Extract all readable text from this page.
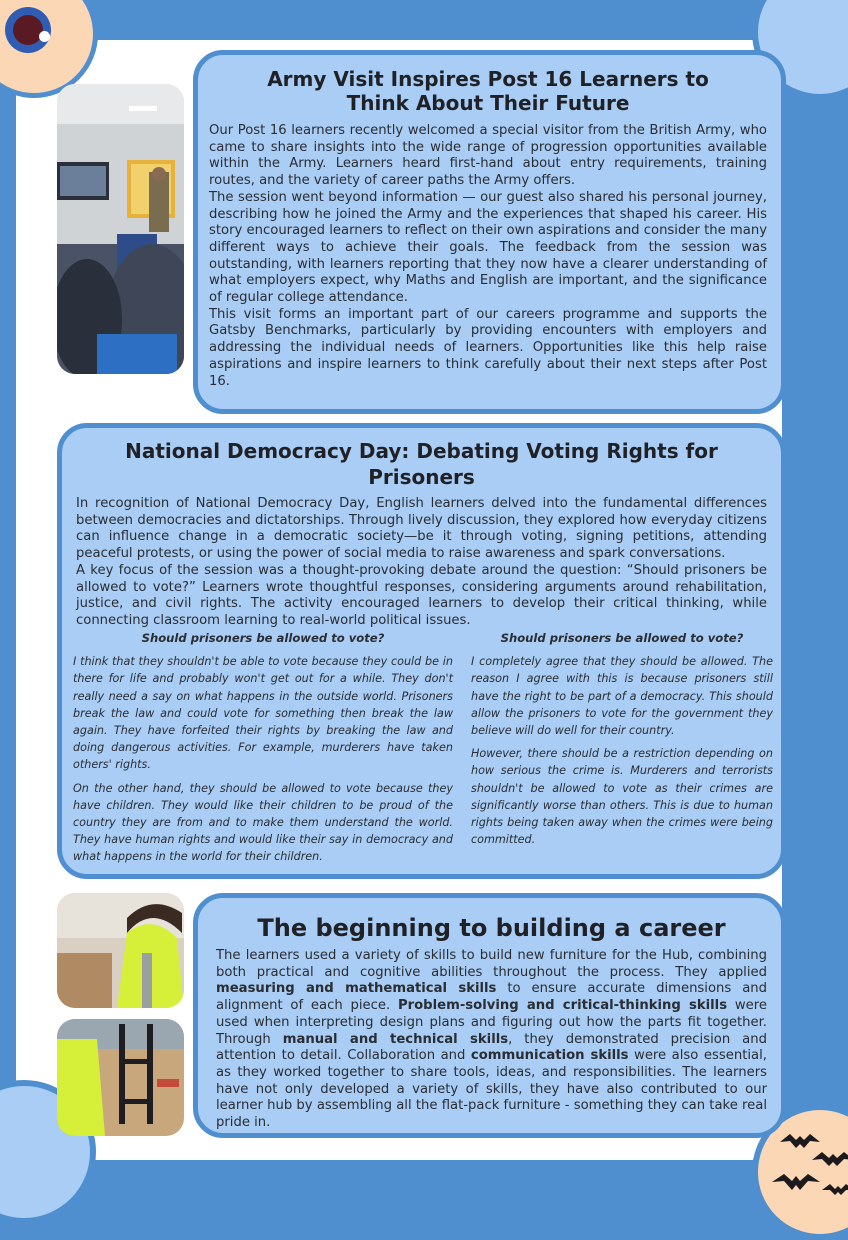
Army Visit Inspires Post 16 Learners to Think About Their Future

Our Post 16 learners recently welcomed a special visitor from the British Army, who came to share insights into the wide range of progression opportunities available within the Army. Learners heard first-hand about entry requirements, training routes, and the variety of career paths the Army offers.

The session went beyond information — our guest also shared his personal journey, describing how he joined the Army and the experiences that shaped his career. His story encouraged learners to reflect on their own aspirations and consider the many different ways to achieve their goals. The feedback from the session was outstanding, with learners reporting that they now have a clearer understanding of what employers expect, why Maths and English are important, and the significance of regular college attendance.

This visit forms an important part of our careers programme and supports the Gatsby Benchmarks, particularly by providing encounters with employers and addressing the individual needs of learners. Opportunities like this help raise aspirations and inspire learners to think carefully about their next steps after Post 16.

National Democracy Day: Debating Voting Rights for Prisoners

In recognition of National Democracy Day, English learners delved into the fundamental differences between democracies and dictatorships. Through lively discussion, they explored how everyday citizens can influence change in a democratic society—be it through voting, signing petitions, attending peaceful protests, or using the power of social media to raise awareness and spark conversations.

A key focus of the session was a thought-provoking debate around the question: “Should prisoners be allowed to vote?” Learners wrote thoughtful responses, considering arguments around rehabilitation, justice, and civil rights. The activity encouraged learners to develop their critical thinking, while connecting classroom learning to real-world political issues.

Should prisoners be allowed to vote?

I think that they shouldn't be able to vote because they could be in there for life and probably won't get out for a while. They don't really need a say on what happens in the outside world. Prisoners break the law and could vote for something then break the law again. They have forfeited their rights by breaking the law and doing dangerous activities. For example, murderers have taken others' rights.

On the other hand, they should be allowed to vote because they have children. They would like their children to be proud of the country they are from and to make them understand the world. They have human rights and would like their say in democracy and what happens in the world for their children.

Should prisoners be allowed to vote?

I completely agree that they should be allowed. The reason I agree with this is because prisoners still have the right to be part of a democracy. This should allow the prisoners to vote for the government they believe will do well for their country.

However, there should be a restriction depending on how serious the crime is. Murderers and terrorists shouldn't be allowed to vote as their crimes are significantly worse than others. This is due to human rights being taken away when the crimes were being committed.

The beginning to building a career

The learners used a variety of skills to build new furniture for the Hub, combining both practical and cognitive abilities throughout the process. They applied measuring and mathematical skills to ensure accurate dimensions and alignment of each piece. Problem-solving and critical-thinking skills were used when interpreting design plans and figuring out how the parts fit together. Through manual and technical skills, they demonstrated precision and attention to detail. Collaboration and communication skills were also essential, as they worked together to share tools, ideas, and responsibilities. The learners have not only developed a variety of skills, they have also contributed to our learner hub by assembling all the flat-pack furniture - something they can take real pride in.
